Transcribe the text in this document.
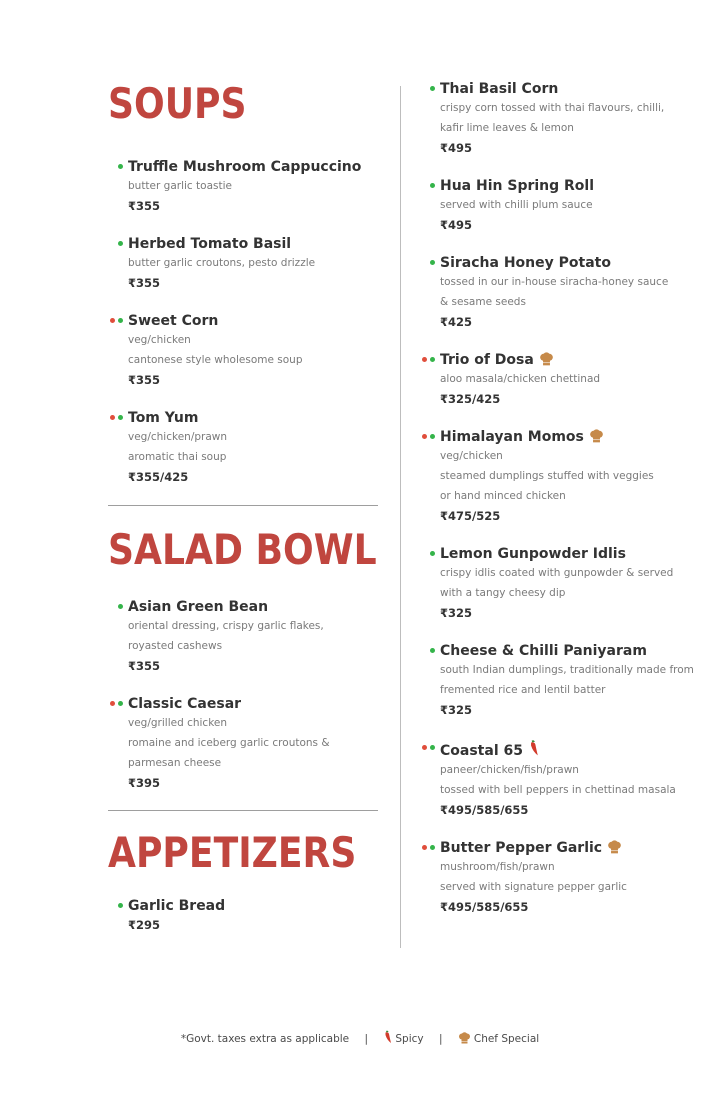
SOUPS
Truffle Mushroom Cappuccino
butter garlic toastie
₹355
Herbed Tomato Basil
butter garlic croutons, pesto drizzle
₹355
Sweet Corn
veg/chicken
cantonese style wholesome soup
₹355
Tom Yum
veg/chicken/prawn
aromatic thai soup
₹355/425
SALAD BOWL
Asian Green Bean
oriental dressing, crispy garlic flakes,
royasted cashews
₹355
Classic Caesar
veg/grilled chicken
romaine and iceberg garlic croutons &
parmesan cheese
₹395
APPETIZERS
Garlic Bread
₹295
Thai Basil Corn
crispy corn tossed with thai flavours, chilli,
kafir lime leaves & lemon
₹495
Hua Hin Spring Roll
served with chilli plum sauce
₹495
Siracha Honey Potato
tossed in our in-house siracha-honey sauce
& sesame seeds
₹425
Trio of Dosa
aloo masala/chicken chettinad
₹325/425
Himalayan Momos
veg/chicken
steamed dumplings stuffed with veggies
or hand minced chicken
₹475/525
Lemon Gunpowder Idlis
crispy idlis coated with gunpowder & served
with a tangy cheesy dip
₹325
Cheese & Chilli Paniyaram
south Indian dumplings, traditionally made from
fremented rice and lentil batter
₹325
Coastal 65
paneer/chicken/fish/prawn
tossed with bell peppers in chettinad masala
₹495/585/655
Butter Pepper Garlic
mushroom/fish/prawn
served with signature pepper garlic
₹495/585/655
*Govt. taxes extra as applicable |	Spicy |	Chef Special
